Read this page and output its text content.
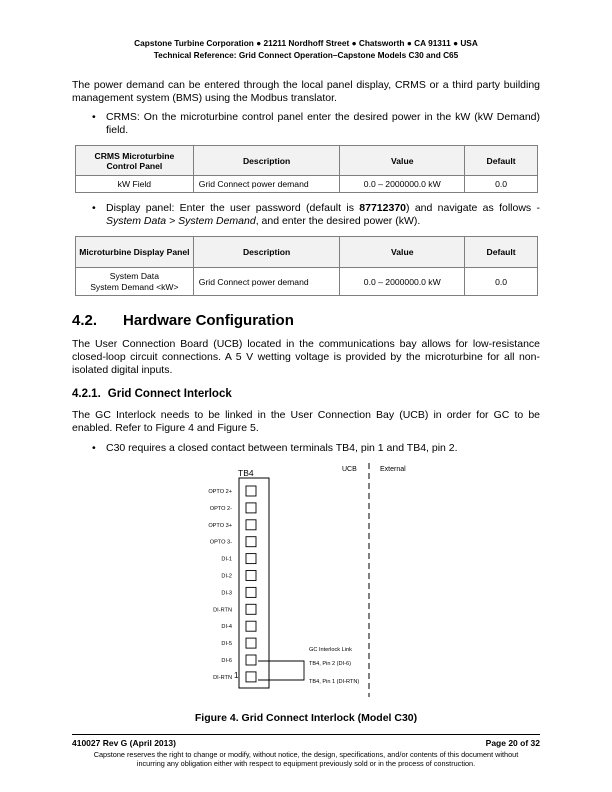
Capstone Turbine Corporation ● 21211 Nordhoff Street ● Chatsworth ● CA 91311 ● USA
Technical Reference: Grid Connect Operation–Capstone Models C30 and C65
The power demand can be entered through the local panel display, CRMS or a third party building management system (BMS) using the Modbus translator.
• CRMS: On the microturbine control panel enter the desired power in the kW (kW Demand) field.
CRMS Microturbine Control Panel	Description	Value	Default
kW Field	Grid Connect power demand	0.0 – 2000000.0 kW	0.0
• Display panel: Enter the user password (default is 87712370) and navigate as follows - System Data > System Demand, and enter the desired power (kW).
Microturbine Display Panel	Description	Value	Default

System Data
System Demand <kW>	Grid Connect power demand	0.0 – 2000000.0 kW	0.0
4.2. Hardware Configuration
The User Connection Board (UCB) located in the communications bay allows for low-resistance closed-loop circuit connections. A 5 V wetting voltage is provided by the microturbine for all non-isolated digital inputs.
4.2.1. Grid Connect Interlock
The GC Interlock needs to be linked in the User Connection Bay (UCB) in order for GC to be enabled. Refer to Figure 4 and Figure 5.
• C30 requires a closed contact between terminals TB4, pin 1 and TB4, pin 2.
TB4
OPTO 2+
OPTO 2-
OPTO 3+
OPTO 3-
DI-1
DI-2
DI-3
DI-RTN
DI-4
DI-5
DI-6
DI-RTN
UCB	External
1
GC Interlock Link
TB4, Pin 2 (DI-6)
TB4, Pin 1 (DI-RTN)
Figure 4. Grid Connect Interlock (Model C30)
410027 Rev G (April 2013)	Page 20 of 32
Capstone reserves the right to change or modify, without notice, the design, specifications, and/or contents of this document without
incurring any obligation either with respect to equipment previously sold or in the process of construction.
